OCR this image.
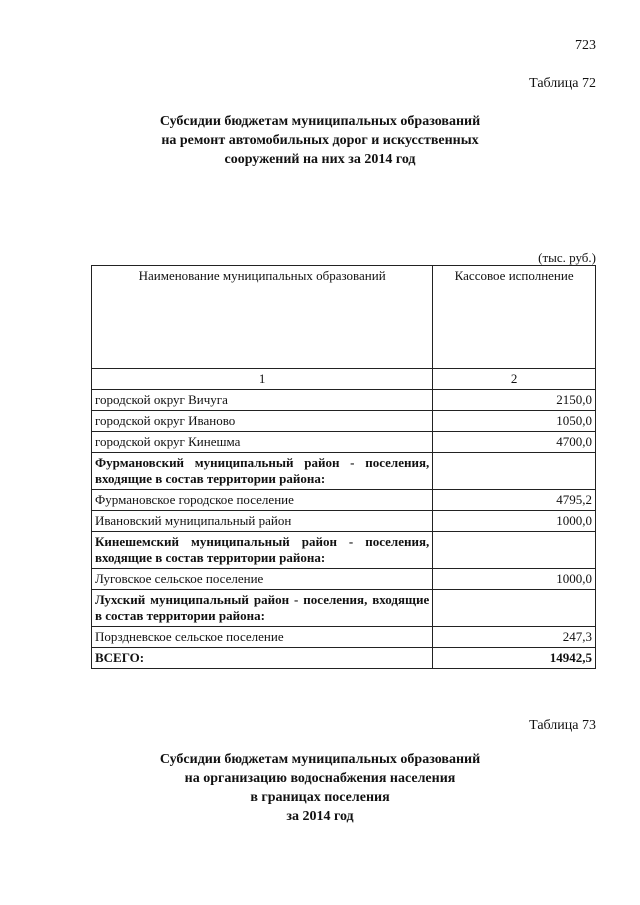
723
Таблица 72
Субсидии бюджетам муниципальных образований
на ремонт автомобильных дорог и искусственных
сооружений на них за 2014 год
(тыс. руб.)
Наименование муниципальных образований	Кассовое исполнение
1	2
городской округ Вичуга	2150,0
городской округ Иваново	1050,0
городской округ Кинешма	4700,0
Фурмановский муниципальный район - поселения, входящие в состав территории района:	
Фурмановское городское поселение	4795,2
Ивановский муниципальный район	1000,0
Кинешемский муниципальный район - поселения, входящие в состав территории района:	
Луговское сельское поселение	1000,0
Лухский муниципальный район - поселения, входящие в состав территории района:	
Порздневское сельское поселение	247,3
ВСЕГО:	14942,5
Таблица 73
Субсидии бюджетам муниципальных образований
на организацию водоснабжения населения
в границах поселения
за 2014 год
